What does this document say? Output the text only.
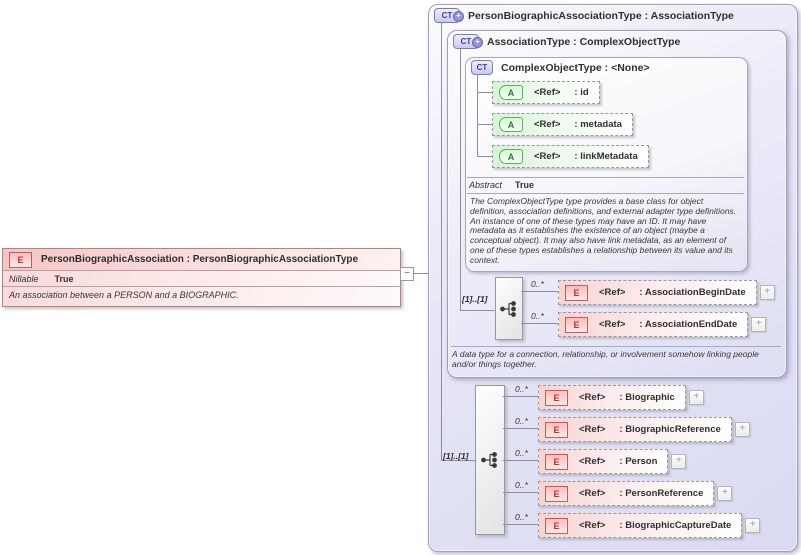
E	PersonBiographicAssociation : PersonBiographicAssociationType
Nillable True
An association between a PERSON and a BIOGRAPHIC.
−
CT + PersonBiographicAssociationType : AssociationType
[1]..[1]
CT + AssociationType : ComplexObjectType
[1]..[1]
CT ComplexObjectType : <None>
A	<Ref> : id
A	<Ref> : metadata
A	<Ref> : linkMetadata
Abstract True
The ComplexObjectType type provides a base class for object definition, association definitions, and external adapter type definitions. An instance of one of these types may have an ID. It may have metadata as it establishes the existence of an object (maybe a conceptual object). It may also have link metadata, as an element of one of these types establishes a relationship between its value and its context.
0..*
0..*
E	<Ref> : AssociationBeginDate	+
E	<Ref> : AssociationEndDate	+
A data type for a connection, relationship, or involvement somehow linking people and/or things together.
0..*
0..*
0..*
0..*
0..*
E	<Ref> : Biographic	+
E	<Ref> : BiographicReference	+
E	<Ref> : Person	+
E	<Ref> : PersonReference	+
E	<Ref> : BiographicCaptureDate	+
